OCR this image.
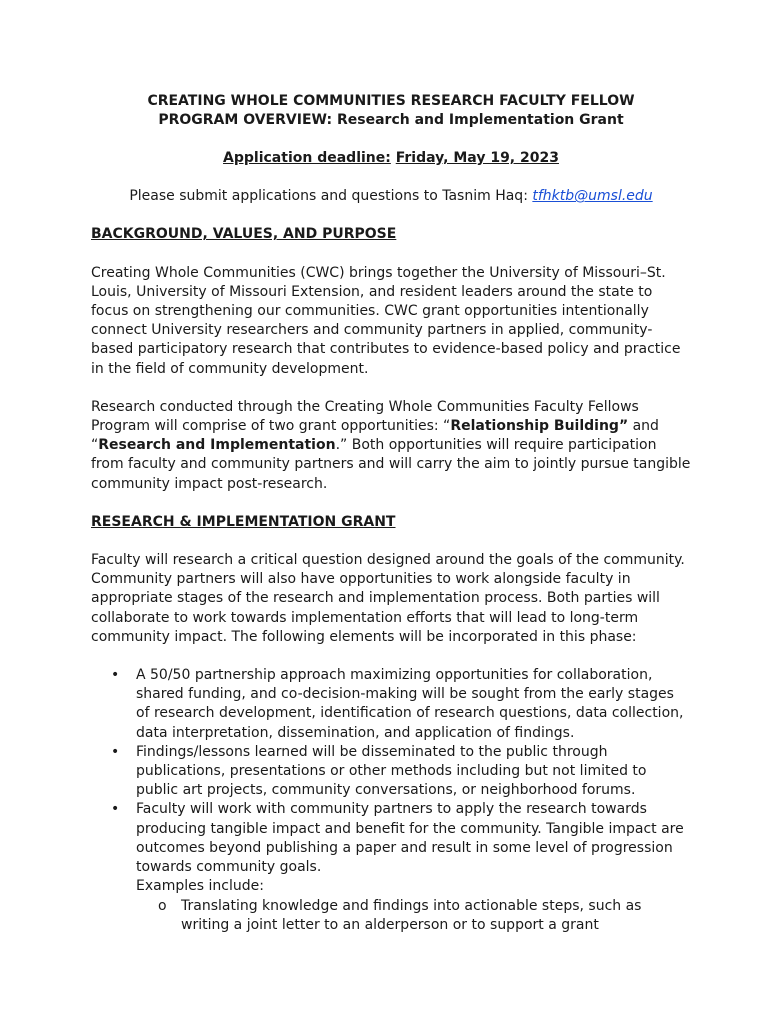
CREATING WHOLE COMMUNITIES RESEARCH FACULTY FELLOW
PROGRAM OVERVIEW: Research and Implementation Grant
Application deadline: Friday, May 19, 2023
Please submit applications and questions to Tasnim Haq: tfhktb@umsl.edu
BACKGROUND, VALUES, AND PURPOSE

Creating Whole Communities (CWC) brings together the University of Missouri–St. Louis, University of Missouri Extension, and resident leaders around the state to focus on strengthening our communities. CWC grant opportunities intentionally connect University researchers and community partners in applied, community-based participatory research that contributes to evidence-based policy and practice in the field of community development.

Research conducted through the Creating Whole Communities Faculty Fellows Program will comprise of two grant opportunities: “Relationship Building” and “Research and Implementation.” Both opportunities will require participation from faculty and community partners and will carry the aim to jointly pursue tangible community impact post-research.

RESEARCH & IMPLEMENTATION GRANT

Faculty will research a critical question designed around the goals of the community. Community partners will also have opportunities to work alongside faculty in appropriate stages of the research and implementation process. Both parties will collaborate to work towards implementation efforts that will lead to long-term community impact. The following elements will be incorporated in this phase:

• A 50/50 partnership approach maximizing opportunities for collaboration, shared funding, and co-decision-making will be sought from the early stages of research development, identification of research questions, data collection, data interpretation, dissemination, and application of findings.
• Findings/lessons learned will be disseminated to the public through publications, presentations or other methods including but not limited to public art projects, community conversations, or neighborhood forums.
• Faculty will work with community partners to apply the research towards producing tangible impact and benefit for the community. Tangible impact are outcomes beyond publishing a paper and result in some level of progression towards community goals.
Examples include:
o Translating knowledge and findings into actionable steps, such as writing a joint letter to an alderperson or to support a grant
